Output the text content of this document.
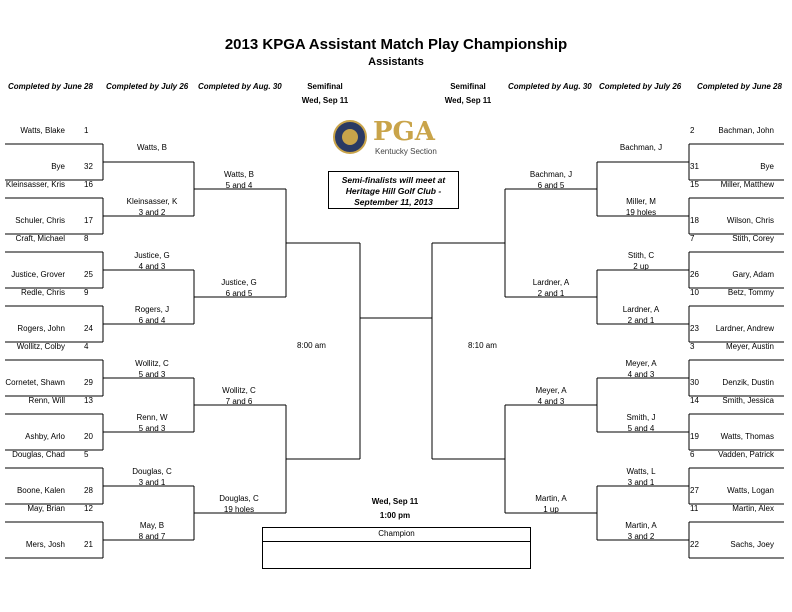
2013 KPGA Assistant Match Play Championship
Assistants
Completed by June 28 Completed by July 26 Completed by Aug. 30	Semifinal
Wed, Sep 11
Semifinal
Wed, Sep 11
Completed by Aug. 30 Completed by July 26 Completed by June 28
PGA
Kentucky Section
Semi-finalists will meet at Heritage Hill Golf Club - September 11, 2013
8:00 am	8:10 am
Wed, Sep 11
1:00 pm
Champion
Watts, Blake 1
Bye 32
Kleinsasser, Kris 16
Schuler, Chris 17
Craft, Michael 8
Justice, Grover 25
Redle, Chris 9
Rogers, John 24
Wollitz, Colby 4
Cornetet, Shawn 29
Renn, Will 13
Ashby, Arlo 20
Douglas, Chad 5
Boone, Kalen 28
May, Brian 12
Mers, Josh 21
Watts, B
Kleinsasser, K
3 and 2
Justice, G
4 and 3
Rogers, J
6 and 4
Wollitz, C
5 and 3
Renn, W
5 and 3
Douglas, C
3 and 1
May, B
8 and 7
Watts, B
5 and 4
Justice, G
6 and 5
Wollitz, C
7 and 6
Douglas, C
19 holes
2	Bachman, John
31	Bye
15	Miller, Matthew
18	Wilson, Chris
7	Stith, Corey
26	Gary, Adam
10	Betz, Tommy
23	Lardner, Andrew
3	Meyer, Austin
30	Denzik, Dustin
14	Smith, Jessica
19	Watts, Thomas
6	Vadden, Patrick
27	Watts, Logan
11	Martin, Alex
22	Sachs, Joey
Bachman, J
Miller, M
19 holes
Stith, C
2 up
Lardner, A
2 and 1
Meyer, A
4 and 3
Smith, J
5 and 4
Watts, L
3 and 1
Martin, A
3 and 2
Bachman, J
6 and 5
Lardner, A
2 and 1
Meyer, A
4 and 3
Martin, A
1 up
